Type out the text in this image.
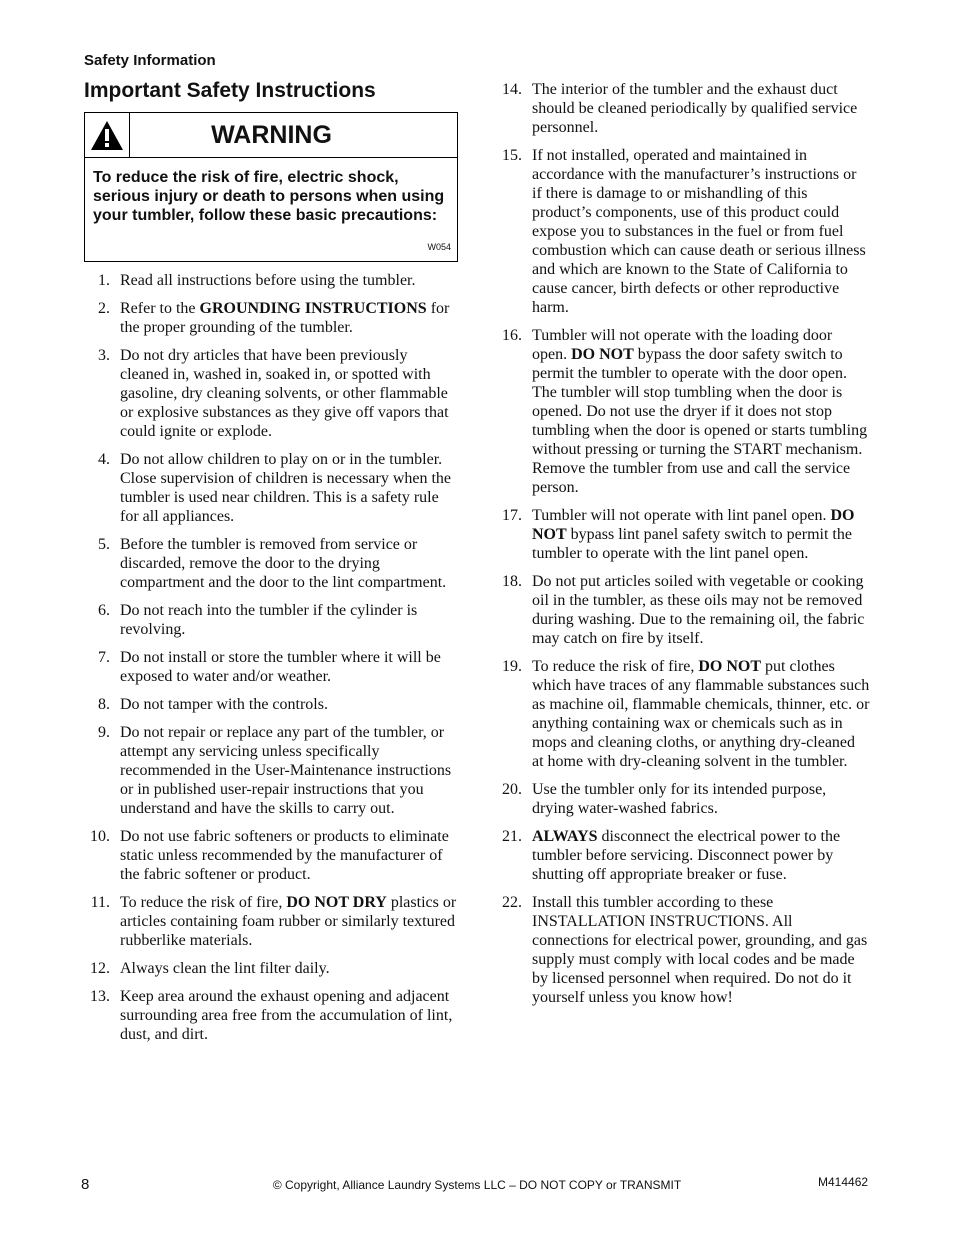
Safety Information
Important Safety Instructions
WARNING
To reduce the risk of fire, electric shock, serious injury or death to persons when using your tumbler, follow these basic precautions:
W054
1. Read all instructions before using the tumbler.
2. Refer to the GROUNDING INSTRUCTIONS for the proper grounding of the tumbler.
3. Do not dry articles that have been previously cleaned in, washed in, soaked in, or spotted with gasoline, dry cleaning solvents, or other flammable or explosive substances as they give off vapors that could ignite or explode.
4. Do not allow children to play on or in the tumbler. Close supervision of children is necessary when the tumbler is used near children. This is a safety rule for all appliances.
5. Before the tumbler is removed from service or discarded, remove the door to the drying compartment and the door to the lint compartment.
6. Do not reach into the tumbler if the cylinder is revolving.
7. Do not install or store the tumbler where it will be exposed to water and/or weather.
8. Do not tamper with the controls.
9. Do not repair or replace any part of the tumbler, or attempt any servicing unless specifically recommended in the User-Maintenance instructions or in published user-repair instructions that you understand and have the skills to carry out.
10. Do not use fabric softeners or products to eliminate static unless recommended by the manufacturer of the fabric softener or product.
11. To reduce the risk of fire, DO NOT DRY plastics or articles containing foam rubber or similarly textured rubberlike materials.
12. Always clean the lint filter daily.
13. Keep area around the exhaust opening and adjacent surrounding area free from the accumulation of lint, dust, and dirt.
14. The interior of the tumbler and the exhaust duct should be cleaned periodically by qualified service personnel.
15. If not installed, operated and maintained in accordance with the manufacturer’s instructions or if there is damage to or mishandling of this product’s components, use of this product could expose you to substances in the fuel or from fuel combustion which can cause death or serious illness and which are known to the State of California to cause cancer, birth defects or other reproductive harm.
16. Tumbler will not operate with the loading door open. DO NOT bypass the door safety switch to permit the tumbler to operate with the door open. The tumbler will stop tumbling when the door is opened. Do not use the dryer if it does not stop tumbling when the door is opened or starts tumbling without pressing or turning the START mechanism. Remove the tumbler from use and call the service person.
17. Tumbler will not operate with lint panel open. DO NOT bypass lint panel safety switch to permit the tumbler to operate with the lint panel open.
18. Do not put articles soiled with vegetable or cooking oil in the tumbler, as these oils may not be removed during washing. Due to the remaining oil, the fabric may catch on fire by itself.
19. To reduce the risk of fire, DO NOT put clothes which have traces of any flammable substances such as machine oil, flammable chemicals, thinner, etc. or anything containing wax or chemicals such as in mops and cleaning cloths, or anything dry-cleaned at home with dry-cleaning solvent in the tumbler.
20. Use the tumbler only for its intended purpose, drying water-washed fabrics.
21. ALWAYS disconnect the electrical power to the tumbler before servicing. Disconnect power by shutting off appropriate breaker or fuse.
22. Install this tumbler according to these INSTALLATION INSTRUCTIONS. All connections for electrical power, grounding, and gas supply must comply with local codes and be made by licensed personnel when required. Do not do it yourself unless you know how!
8	© Copyright, Alliance Laundry Systems LLC – DO NOT COPY or TRANSMIT	M414462
